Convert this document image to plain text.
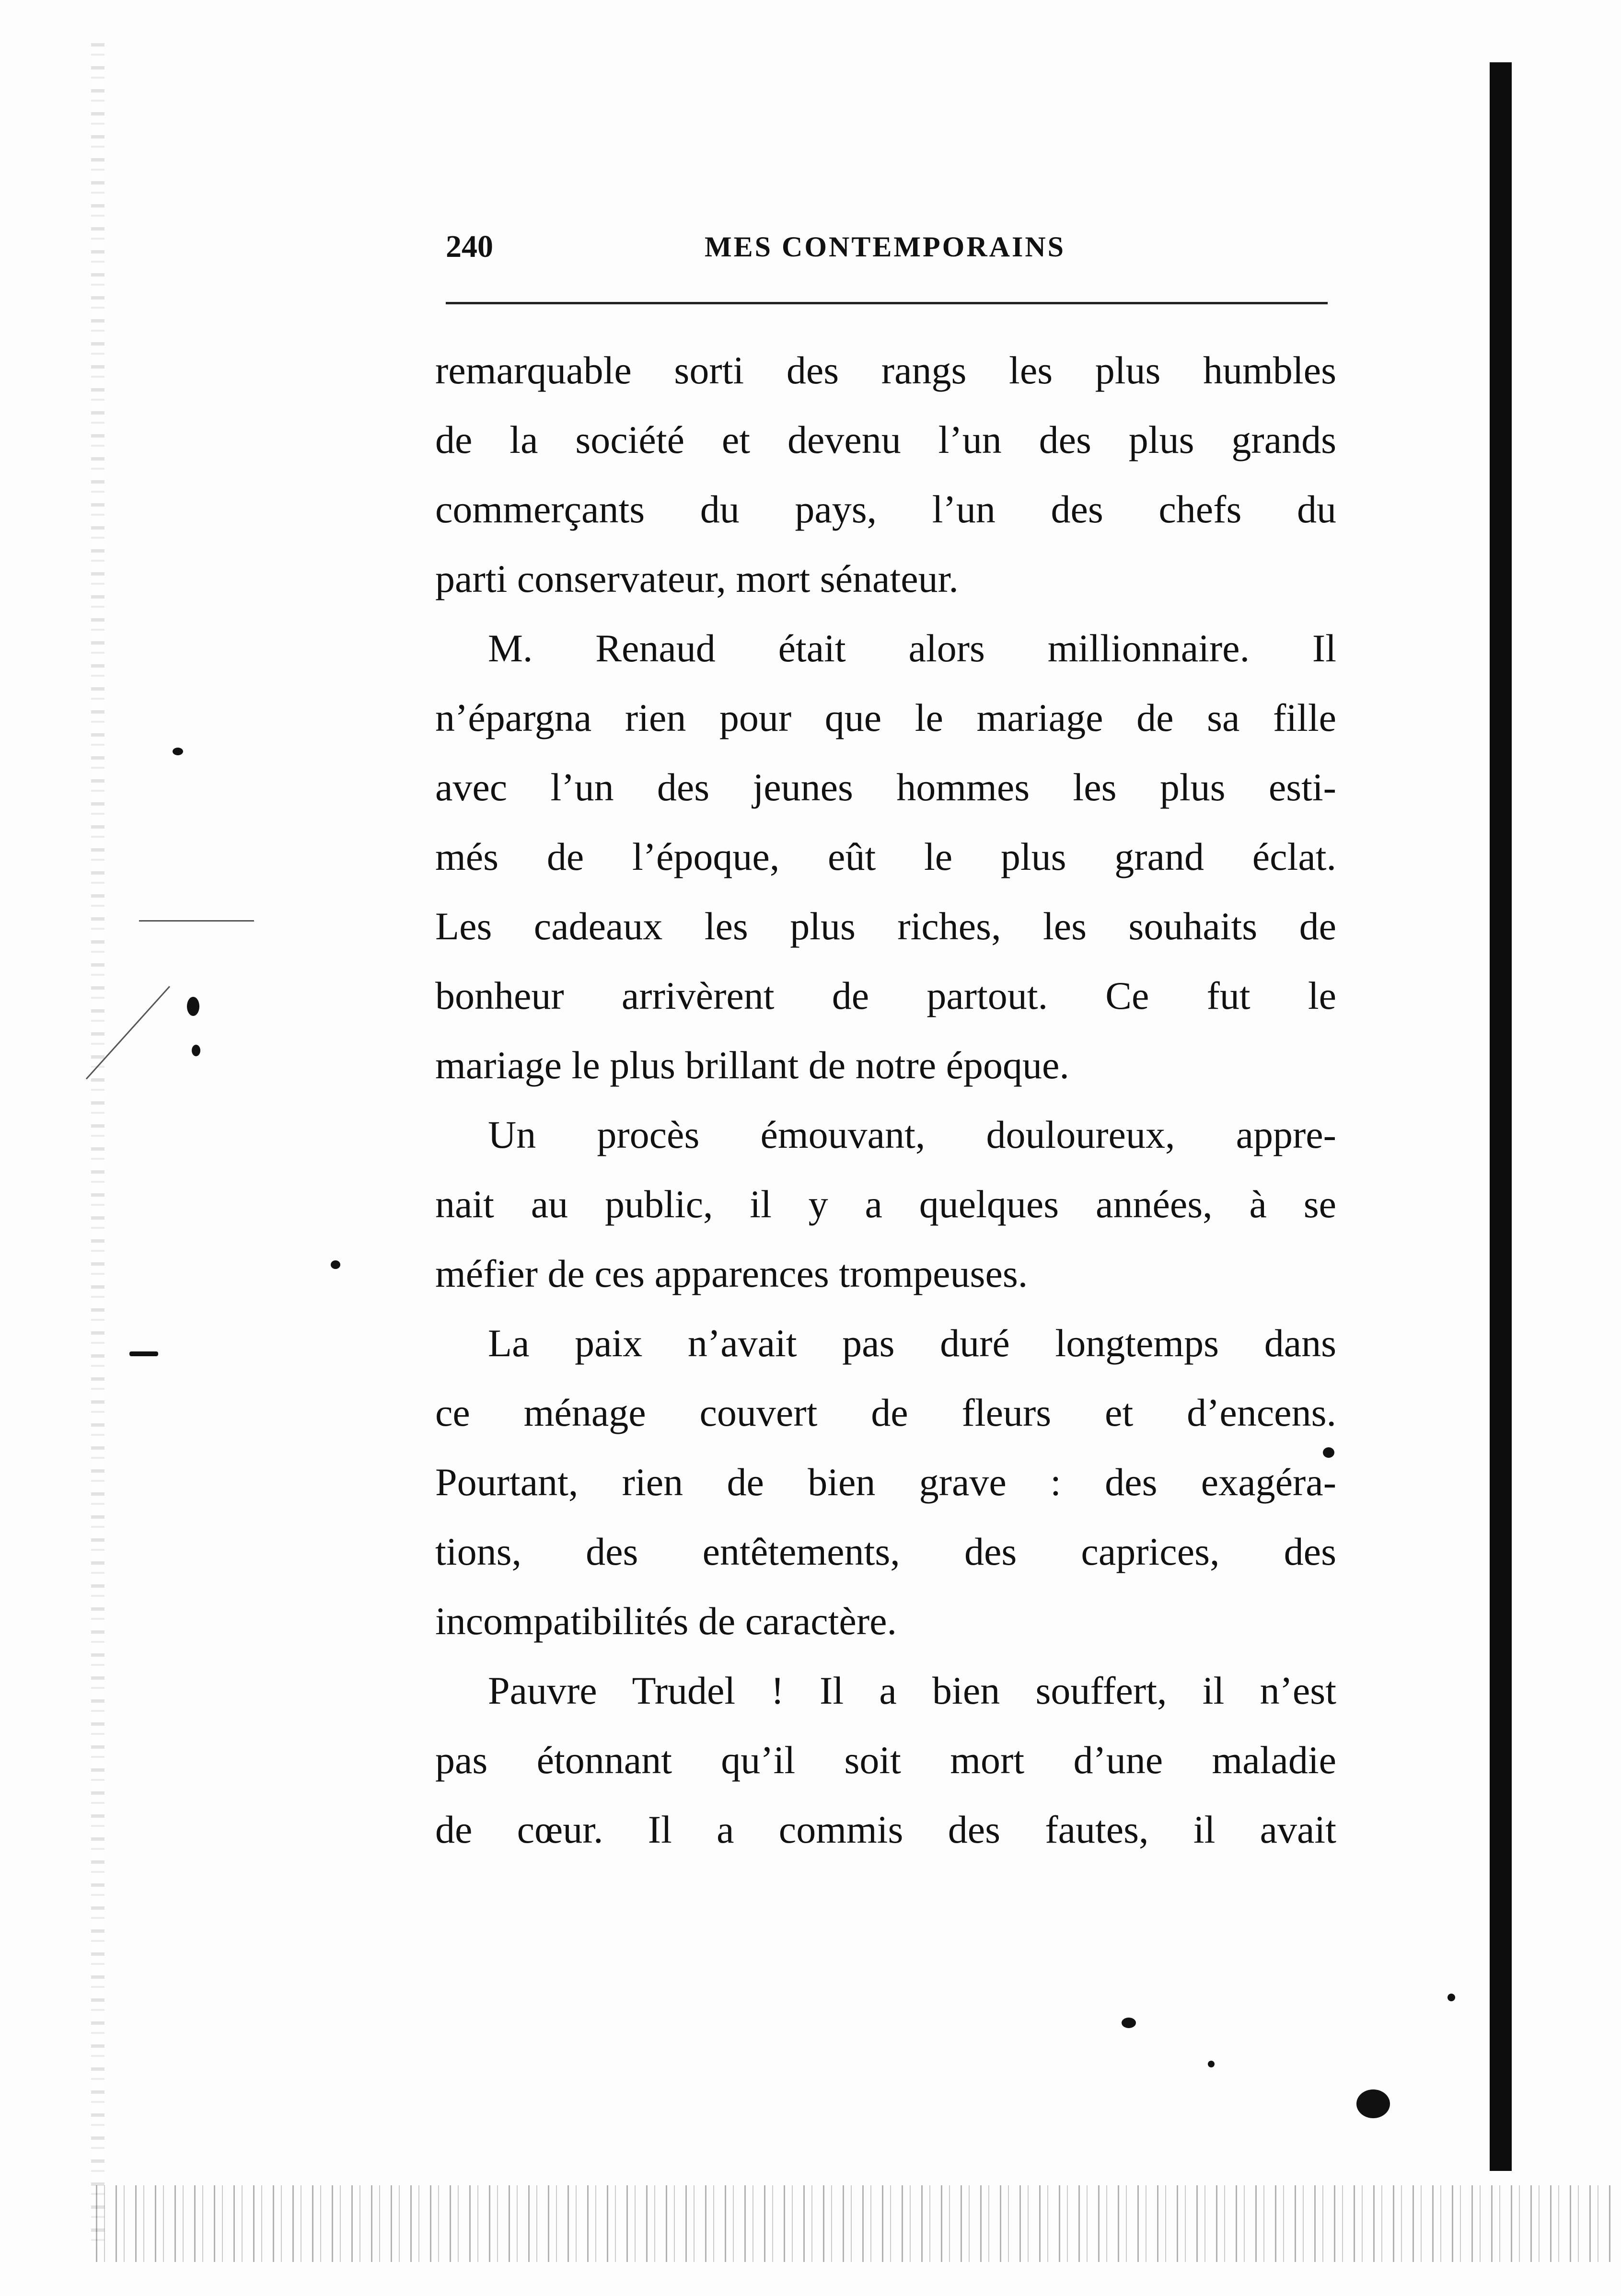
240	MES CONTEMPORAINS
remarquable sorti des rangs les plus humbles
de la société et devenu l’un des plus grands
commerçants du pays, l’un des chefs du
parti conservateur, mort sénateur.
M. Renaud était alors millionnaire. Il
n’épargna rien pour que le mariage de sa fille
avec l’un des jeunes hommes les plus esti-
més de l’époque, eût le plus grand éclat.
Les cadeaux les plus riches, les souhaits de
bonheur arrivèrent de partout. Ce fut le
mariage le plus brillant de notre époque.
Un procès émouvant, douloureux, appre-
nait au public, il y a quelques années, à se
méfier de ces apparences trompeuses.
La paix n’avait pas duré longtemps dans
ce ménage couvert de fleurs et d’encens.
Pourtant, rien de bien grave : des exagéra-
tions, des entêtements, des caprices, des
incompatibilités de caractère.
Pauvre Trudel ! Il a bien souffert, il n’est
pas étonnant qu’il soit mort d’une maladie
de cœur. Il a commis des fautes, il avait
